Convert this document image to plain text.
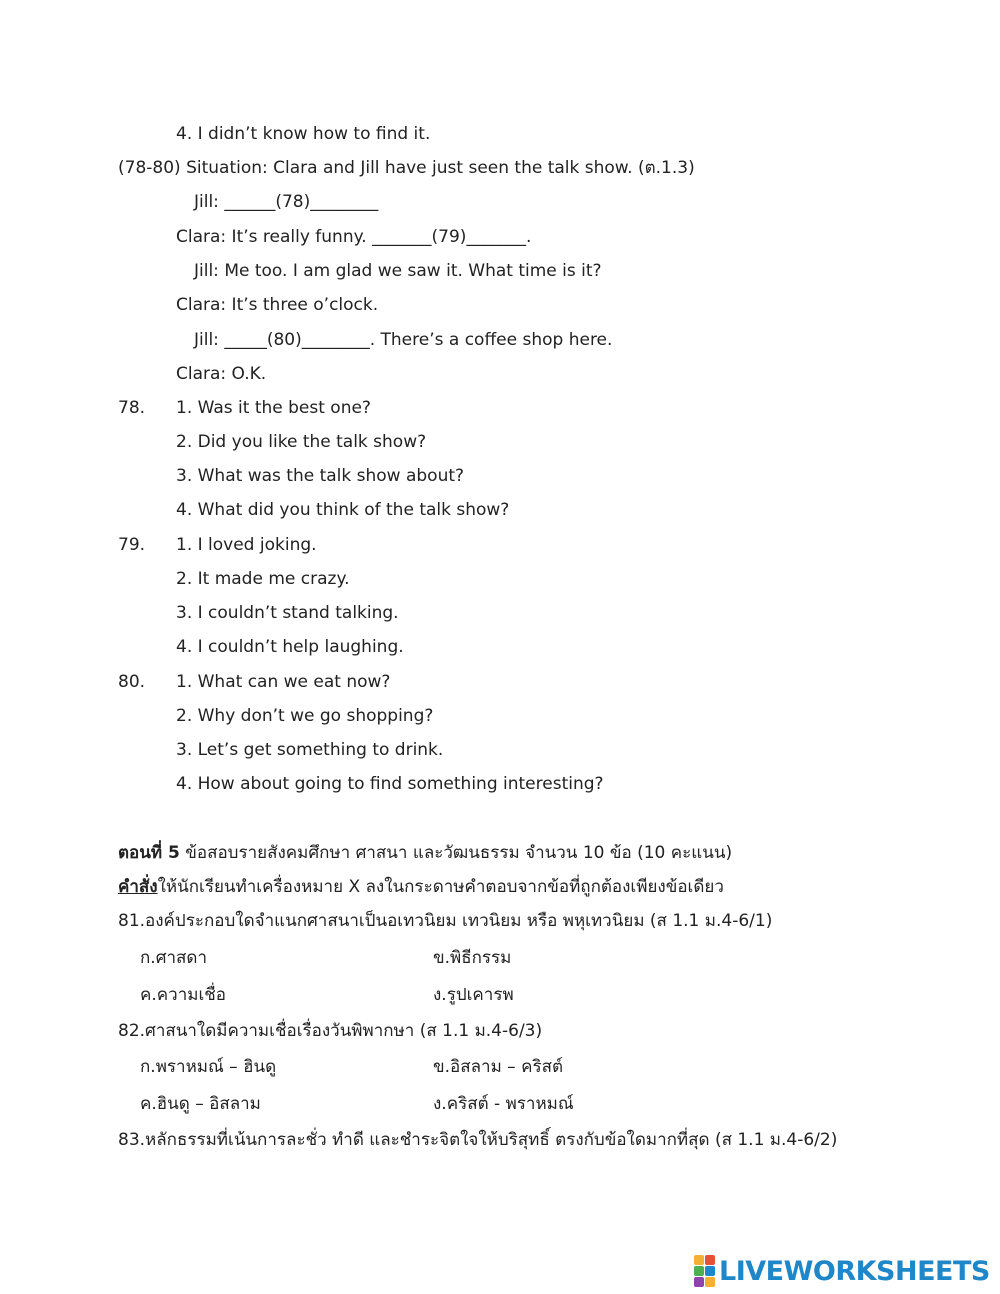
4. I didn’t know how to find it.
(78-80) Situation: Clara and Jill have just seen the talk show. (ต.1.3)
Jill: ______(78)________
Clara: It’s really funny. _______(79)_______.
Jill: Me too. I am glad we saw it. What time is it?
Clara: It’s three o’clock.
Jill: _____(80)________. There’s a coffee shop here.
Clara: O.K.
78. 1. Was it the best one?
2. Did you like the talk show?
3. What was the talk show about?
4. What did you think of the talk show?
79. 1. I loved joking.
2. It made me crazy.
3. I couldn’t stand talking.
4. I couldn’t help laughing.
80. 1. What can we eat now?
2. Why don’t we go shopping?
3. Let’s get something to drink.
4. How about going to find something interesting?
ตอนที่ 5 ข้อสอบรายสังคมศึกษา ศาสนา และวัฒนธรรม จำนวน 10 ข้อ (10 คะแนน)
คำสั่งให้นักเรียนทำเครื่องหมาย X ลงในกระดาษคำตอบจากข้อที่ถูกต้องเพียงข้อเดียว
81.องค์ประกอบใดจำแนกศาสนาเป็นอเทวนิยม เทวนิยม หรือ พหุเทวนิยม (ส 1.1 ม.4-6/1)
ก.ศาสดา	ข.พิธีกรรม
ค.ความเชื่อ	ง.รูปเคารพ
82.ศาสนาใดมีความเชื่อเรื่องวันพิพากษา (ส 1.1 ม.4-6/3)
ก.พราหมณ์ – ฮินดู	ข.อิสลาม – คริสต์
ค.ฮินดู – อิสลาม	ง.คริสต์ - พราหมณ์
83.หลักธรรมที่เน้นการละชั่ว ทำดี และชำระจิตใจให้บริสุทธิ์ ตรงกับข้อใดมากที่สุด (ส 1.1 ม.4-6/2)
LIVEWORKSHEETS
